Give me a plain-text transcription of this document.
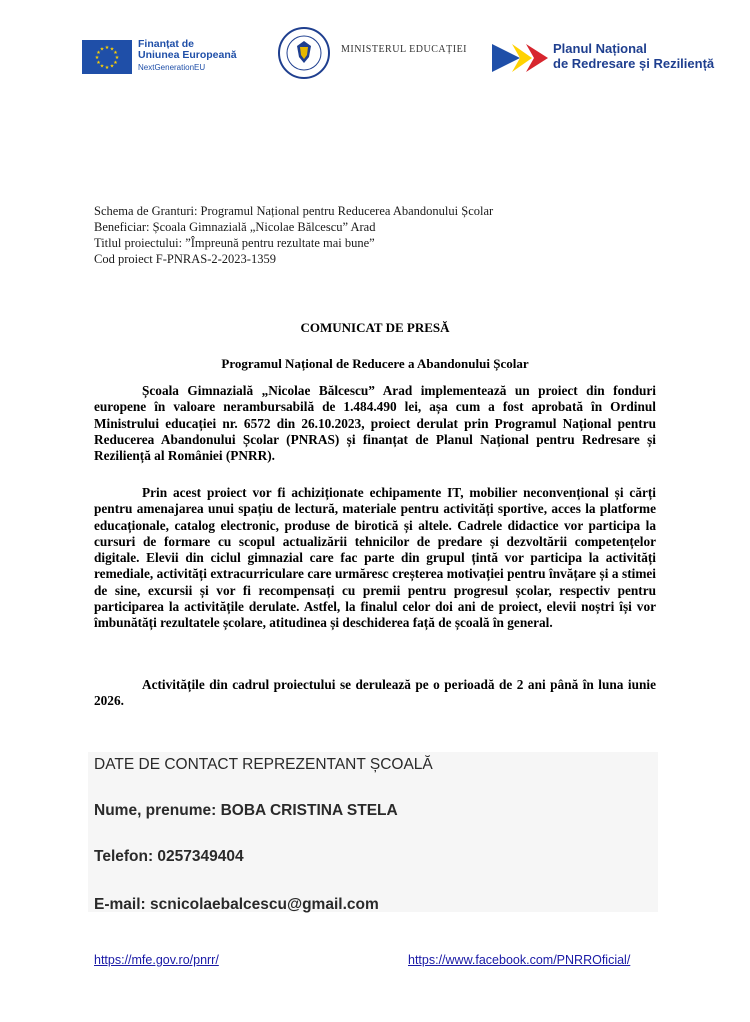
★ ★
★
★
★
★
★
★
★
★
★
★	Finanțat de
Uniunea Europeană
NextGenerationEU
MINISTERUL EDUCAȚIEI	Planul Național
de Redresare și Reziliență
Schema de Granturi: Programul Național pentru Reducerea Abandonului Școlar
Beneficiar: Școala Gimnazială „Nicolae Bălcescu” Arad
Titlul proiectului: ”Împreună pentru rezultate mai bune”
Cod proiect F-PNRAS-2-2023-1359
COMUNICAT DE PRESĂ
Programul Național de Reducere a Abandonului Școlar

Școala Gimnazială „Nicolae Bălcescu” Arad implementează un proiect din fonduri europene în valoare nerambursabilă de 1.484.490 lei, așa cum a fost aprobată în Ordinul Ministrului educației nr. 6572 din 26.10.2023, proiect derulat prin Programul Național pentru Reducerea Abandonului Școlar (PNRAS) și finanțat de Planul Național pentru Redresare și Reziliență al României (PNRR).

Prin acest proiect vor fi achiziționate echipamente IT, mobilier neconvențional și cărți pentru amenajarea unui spațiu de lectură, materiale pentru activități sportive, acces la platforme educaționale, catalog electronic, produse de birotică și altele. Cadrele didactice vor participa la cursuri de formare cu scopul actualizării tehnicilor de predare și dezvoltării competențelor digitale. Elevii din ciclul gimnazial care fac parte din grupul țintă vor participa la activități remediale, activități extracurriculare care urmăresc creșterea motivației pentru învățare și a stimei de sine, excursii și vor fi recompensați cu premii pentru progresul școlar, respectiv pentru participarea la activitățile derulate. Astfel, la finalul celor doi ani de proiect, elevii noștri își vor îmbunătăți rezultatele școlare, atitudinea și deschiderea față de școală în general.

Activitățile din cadrul proiectului se derulează pe o perioadă de 2 ani până în luna iunie 2026.

DATE DE CONTACT REPREZENTANT ȘCOALĂ
Nume, prenume: BOBA CRISTINA STELA
Telefon: 0257349404
E-mail: scnicolaebalcescu@gmail.com
https://mfe.gov.ro/pnrr/	https://www.facebook.com/PNRROficial/
